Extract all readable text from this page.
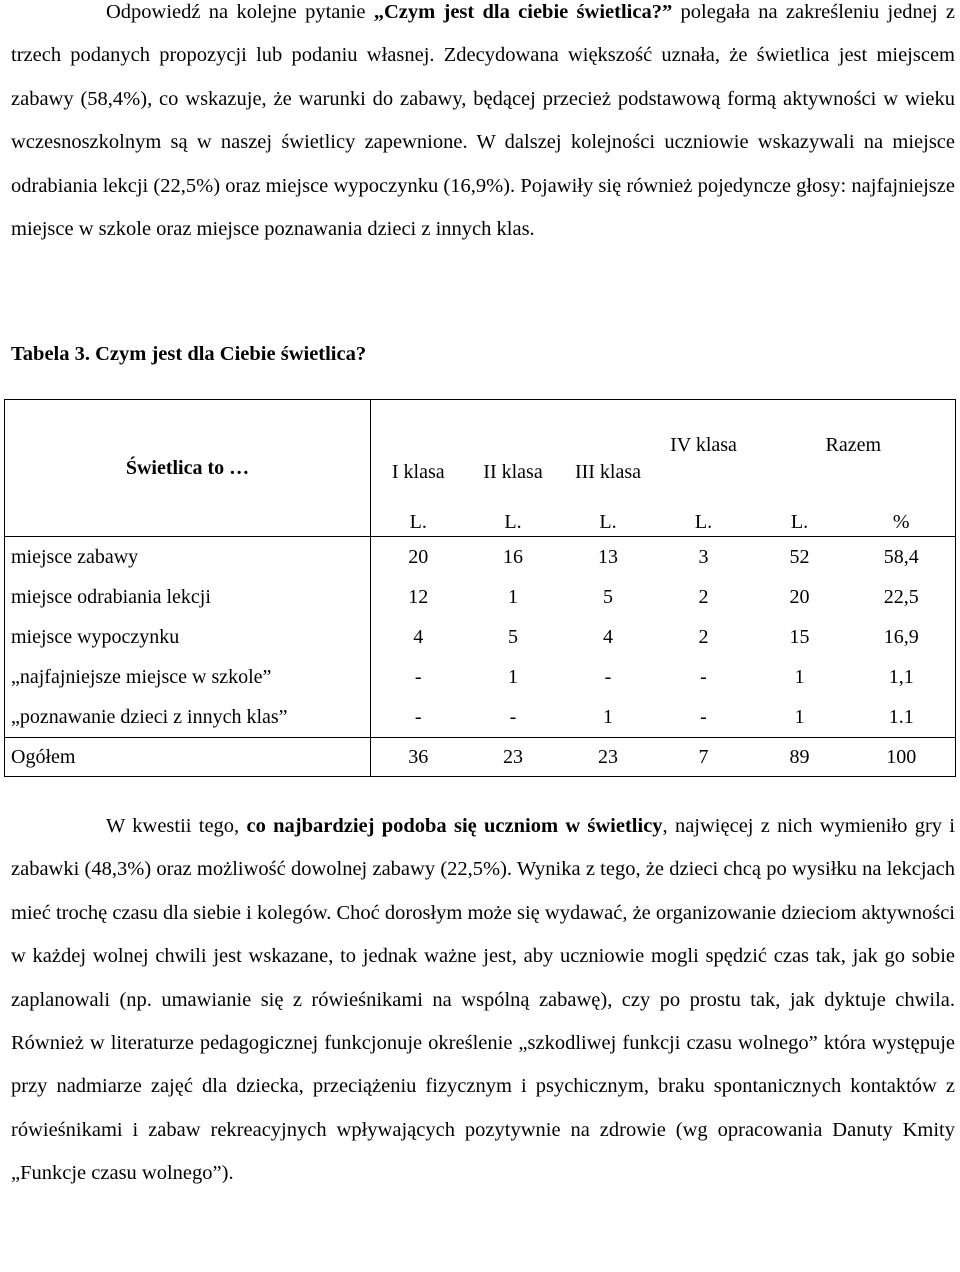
Odpowiedź na kolejne pytanie „Czym jest dla ciebie świetlica?” polegała na zakreśleniu jednej z trzech podanych propozycji lub podaniu własnej. Zdecydowana większość uznała, że świetlica jest miejscem zabawy (58,4%), co wskazuje, że warunki do zabawy, będącej przecież podstawową formą aktywności w wieku wczesnoszkolnym są w naszej świetlicy zapewnione. W dalszej kolejności uczniowie wskazywali na miejsce odrabiania lekcji (22,5%) oraz miejsce wypoczynku (16,9%). Pojawiły się również pojedyncze głosy: najfajniejsze miejsce w szkole oraz miejsce poznawania dzieci z innych klas.

Tabela 3. Czym jest dla Ciebie świetlica?
Świetlica to …	I klasa	II klasa	III klasa	IV klasa	Razem	
	L.	L.	L.	L.	L.	%
miejsce zabawy	20	16	13	3	52	58,4
miejsce odrabiania lekcji	12	1	5	2	20	22,5
miejsce wypoczynku	4	5	4	2	15	16,9
„najfajniejsze miejsce w szkole”	-	1	-	-	1	1,1
„poznawanie dzieci z innych klas”	-	-	1	-	1	1.1
Ogółem	36	23	23	7	89	100

W kwestii tego, co najbardziej podoba się uczniom w świetlicy, najwięcej z nich wymieniło gry i zabawki (48,3%) oraz możliwość dowolnej zabawy (22,5%). Wynika z tego, że dzieci chcą po wysiłku na lekcjach mieć trochę czasu dla siebie i kolegów. Choć dorosłym może się wydawać, że organizowanie dzieciom aktywności w każdej wolnej chwili jest wskazane, to jednak ważne jest, aby uczniowie mogli spędzić czas tak, jak go sobie zaplanowali (np. umawianie się z rówieśnikami na wspólną zabawę), czy po prostu tak, jak dyktuje chwila. Również w literaturze pedagogicznej funkcjonuje określenie „szkodliwej funkcji czasu wolnego” która występuje przy nadmiarze zajęć dla dziecka, przeciążeniu fizycznym i psychicznym, braku spontanicznych kontaktów z rówieśnikami i zabaw rekreacyjnych wpływających pozytywnie na zdrowie (wg opracowania Danuty Kmity „Funkcje czasu wolnego”).
